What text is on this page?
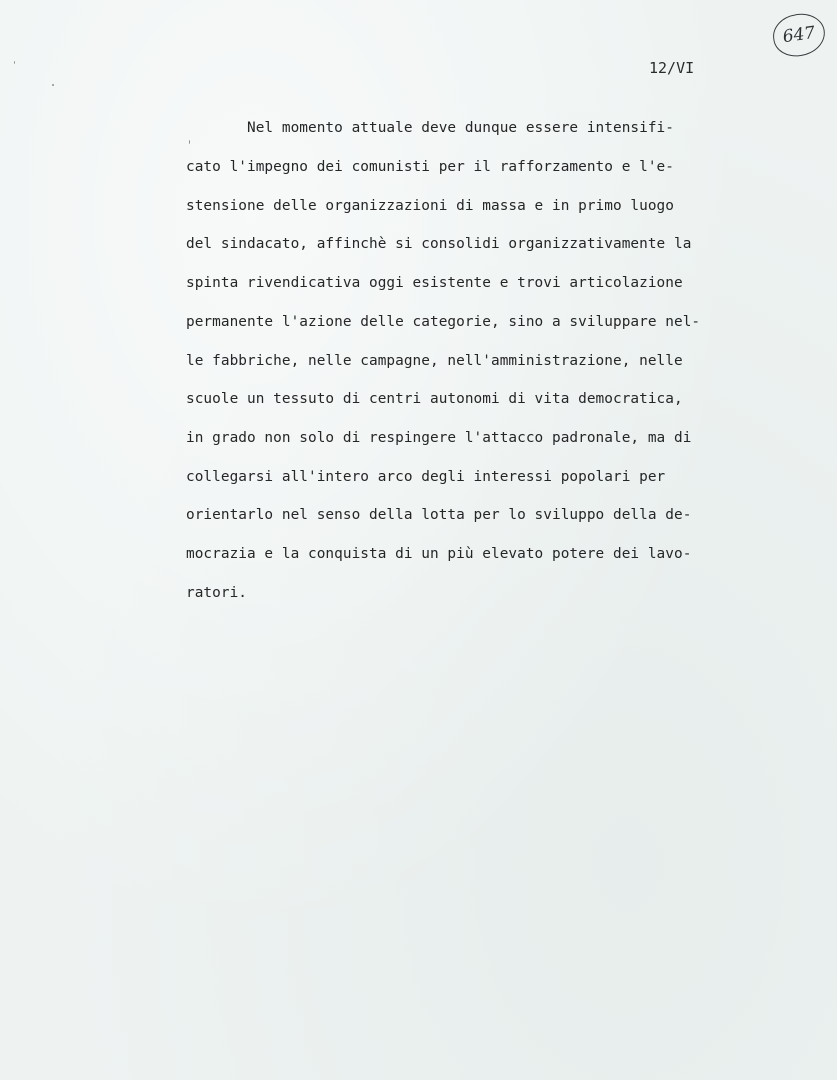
647
12/VI
Nel momento attuale deve dunque essere intensifi-
cato l'impegno dei comunisti per il rafforzamento e l'e-
stensione delle organizzazioni di massa e in primo luogo
del sindacato, affinchè si consolidi organizzativamente la
spinta rivendicativa oggi esistente e trovi articolazione
permanente l'azione delle categorie, sino a sviluppare nel-
le fabbriche, nelle campagne, nell'amministrazione, nelle
scuole un tessuto di centri autonomi di vita democratica,
in grado non solo di respingere l'attacco padronale, ma di
collegarsi all'intero arco degli interessi popolari per
orientarlo nel senso della lotta per lo sviluppo della de-
mocrazia e la conquista di un più elevato potere dei lavo-
ratori.
